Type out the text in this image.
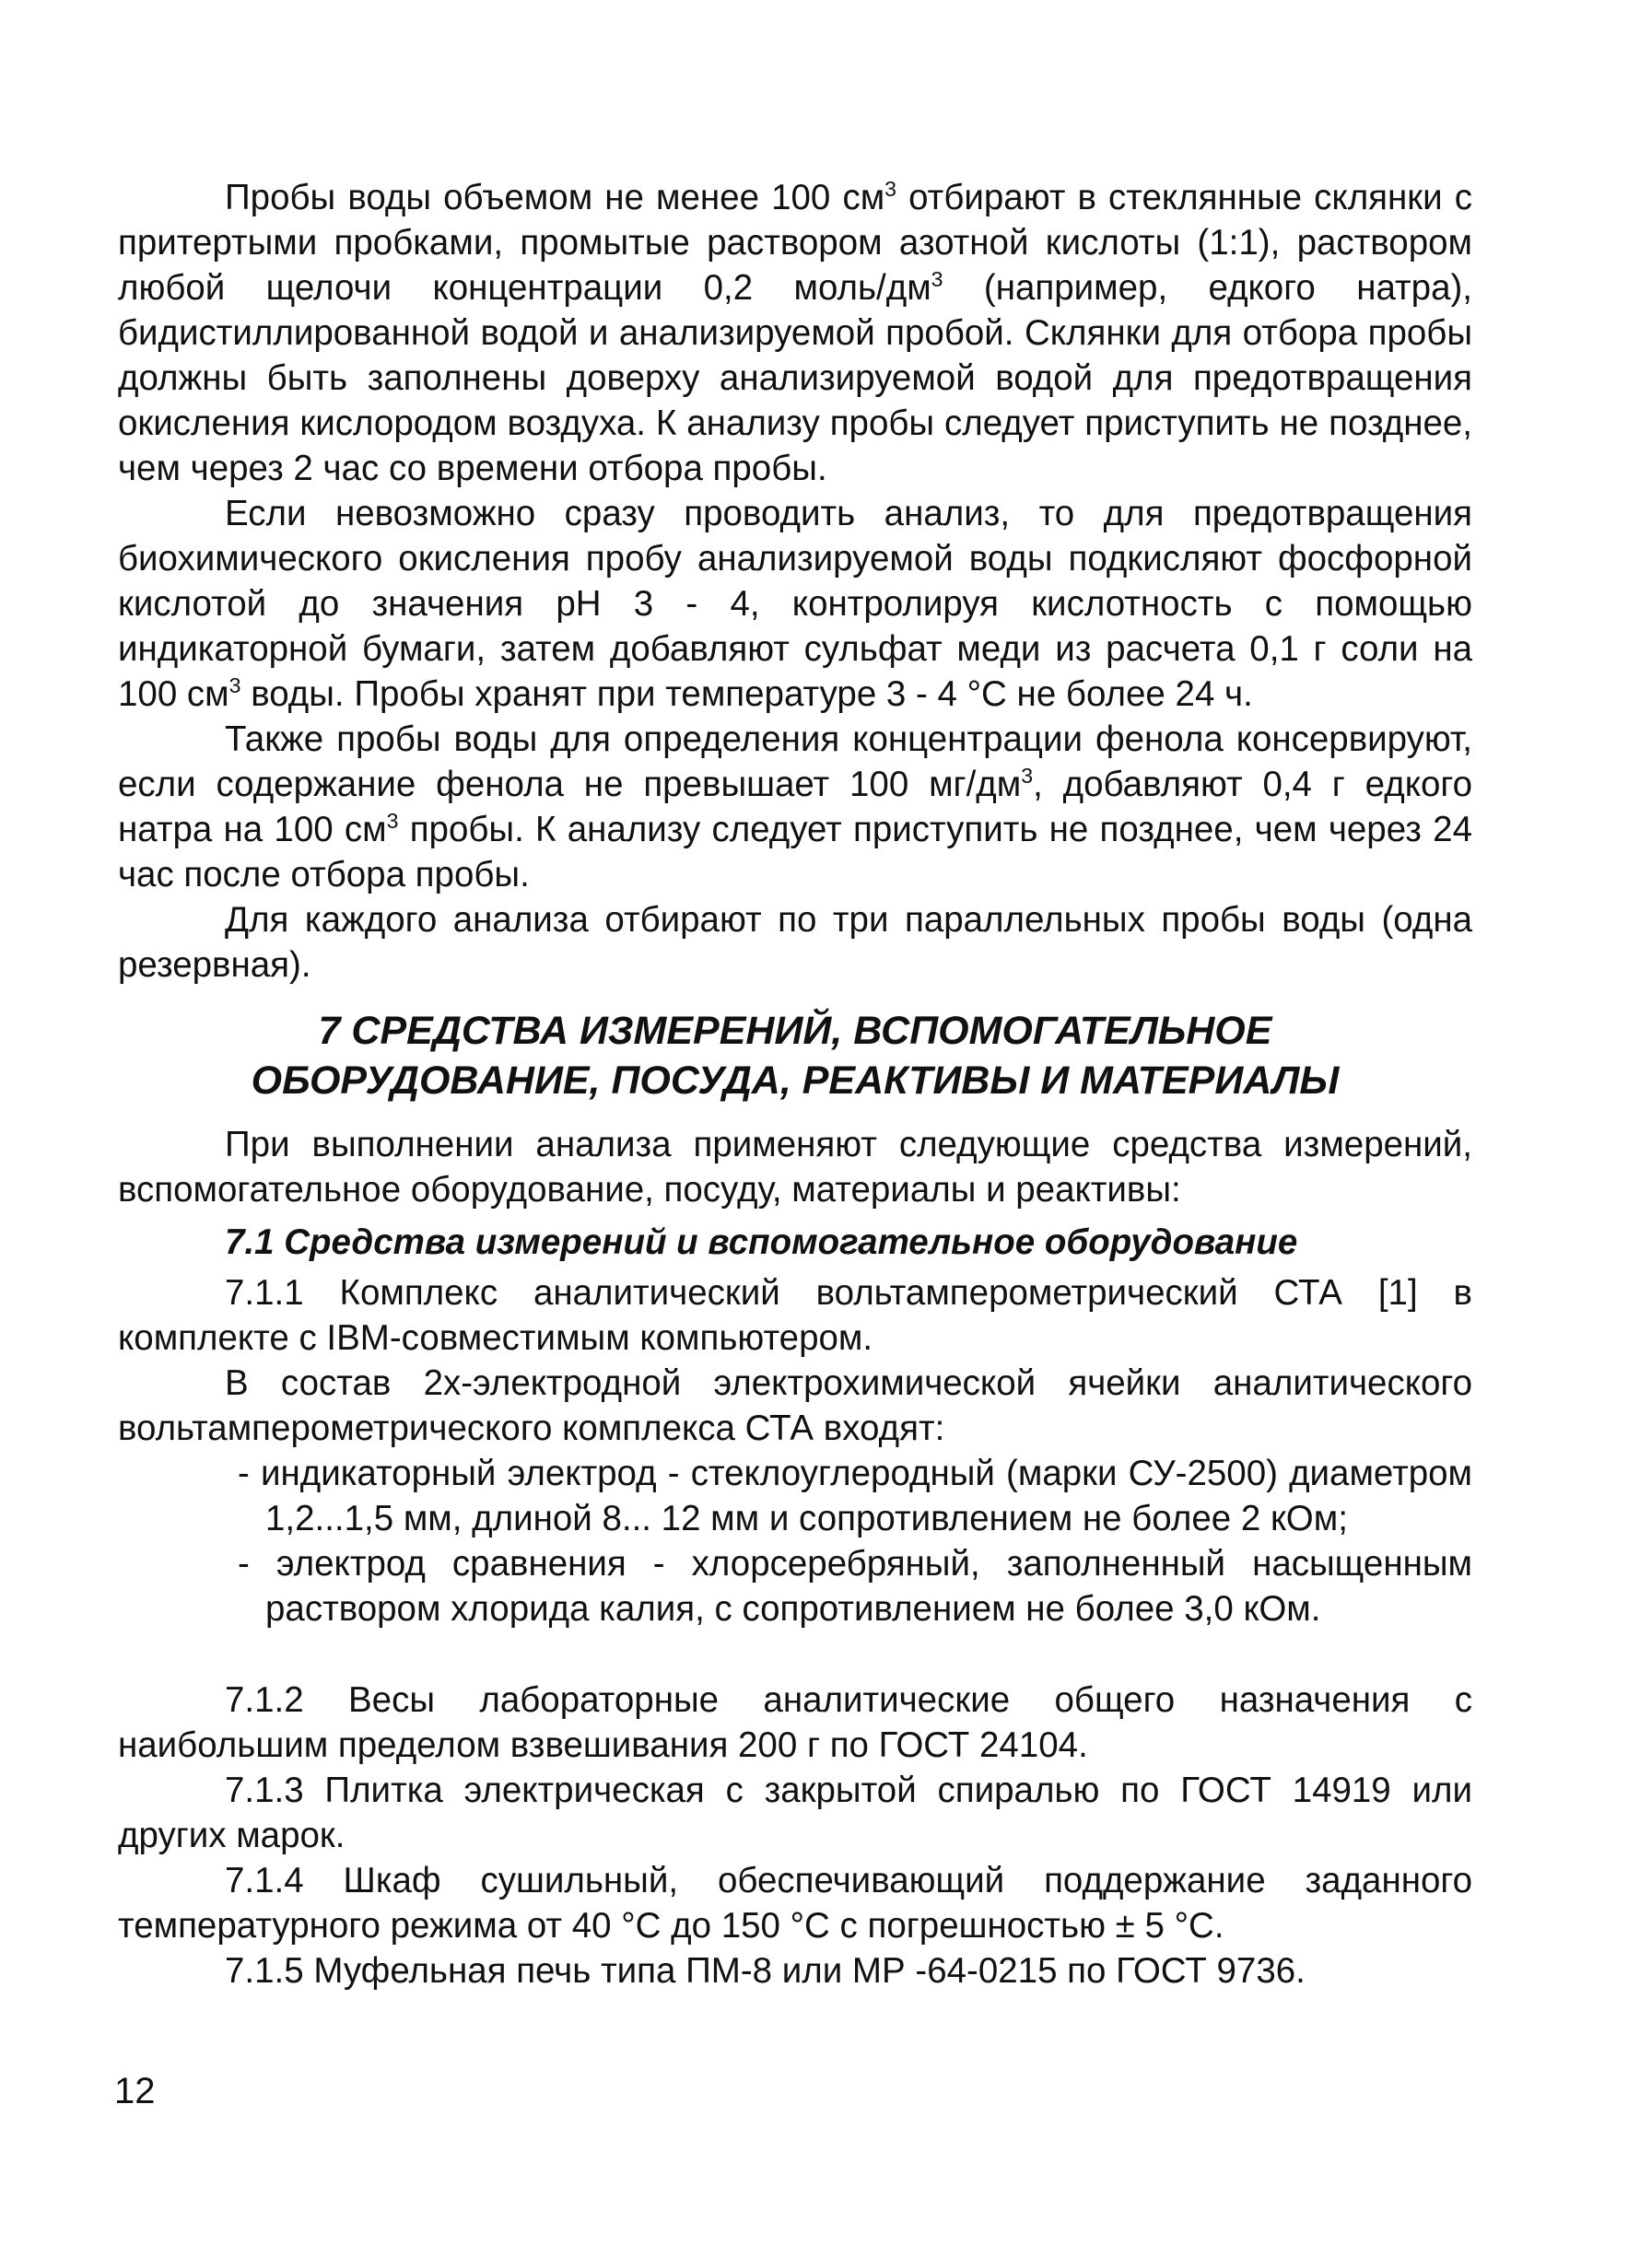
Пробы воды объемом не менее 100 $см^3$ отбирают в стеклянные склянки с притертыми пробками, промытые раствором азотной кислоты (1:1), раствором любой щелочи концентрации 0,2 моль/$дм^3$ (например, едкого натра), бидистиллированной водой и анализируемой пробой. Склянки для отбора пробы должны быть заполнены доверху анализируемой водой для предотвращения окисления кислородом воздуха. К анализу пробы следует приступить не позднее, чем через 2 час со времени отбора пробы.

Если невозможно сразу проводить анализ, то для предотвращения биохимического окисления пробу анализируемой воды подкисляют фосфорной кислотой до значения рН 3 - 4, контролируя кислотность с помощью индикаторной бумаги, затем добавляют сульфат меди из расчета 0,1 г соли на 100 $см^3$ воды. Пробы хранят при температуре 3 - 4 °С не более 24 ч.

Также пробы воды для определения концентрации фенола консервируют, если содержание фенола не превышает 100 $мг/дм^3$, добавляют 0,4 г едкого натра на 100 $см^3$ пробы. К анализу следует приступить не позднее, чем через 24 час после отбора пробы.

Для каждого анализа отбирают по три параллельных пробы воды (одна резервная).

7 СРЕДСТВА ИЗМЕРЕНИЙ, ВСПОМОГАТЕЛЬНОЕ
ОБОРУДОВАНИЕ, ПОСУДА, РЕАКТИВЫ И МАТЕРИАЛЫ

При выполнении анализа применяют следующие средства измерений, вспомогательное оборудование, посуду, материалы и реактивы:

7.1 Средства измерений и вспомогательное оборудование

7.1.1 Комплекс аналитический вольтамперометрический СТА [1] в комплекте с IBM-совместимым компьютером.

В состав 2х-электродной электрохимической ячейки аналитического вольтамперометрического комплекса СТА входят:

- индикаторный электрод - стеклоуглеродный (марки СУ-2500) диаметром 1,2...1,5 мм, длиной 8... 12 мм и сопротивлением не более 2 кОм;

- электрод сравнения - хлорсеребряный, заполненный насыщенным раствором хлорида калия, с сопротивлением не более 3,0 кОм.

7.1.2 Весы лабораторные аналитические общего назначения с наибольшим пределом взвешивания 200 г по ГОСТ 24104.

7.1.3 Плитка электрическая с закрытой спиралью по ГОСТ 14919 или других марок.

7.1.4 Шкаф сушильный, обеспечивающий поддержание заданного температурного режима от 40 °С до 150 °С с погрешностью ± 5 °С.

7.1.5 Муфельная печь типа ПМ-8 или МР -64-0215 по ГОСТ 9736.

12
